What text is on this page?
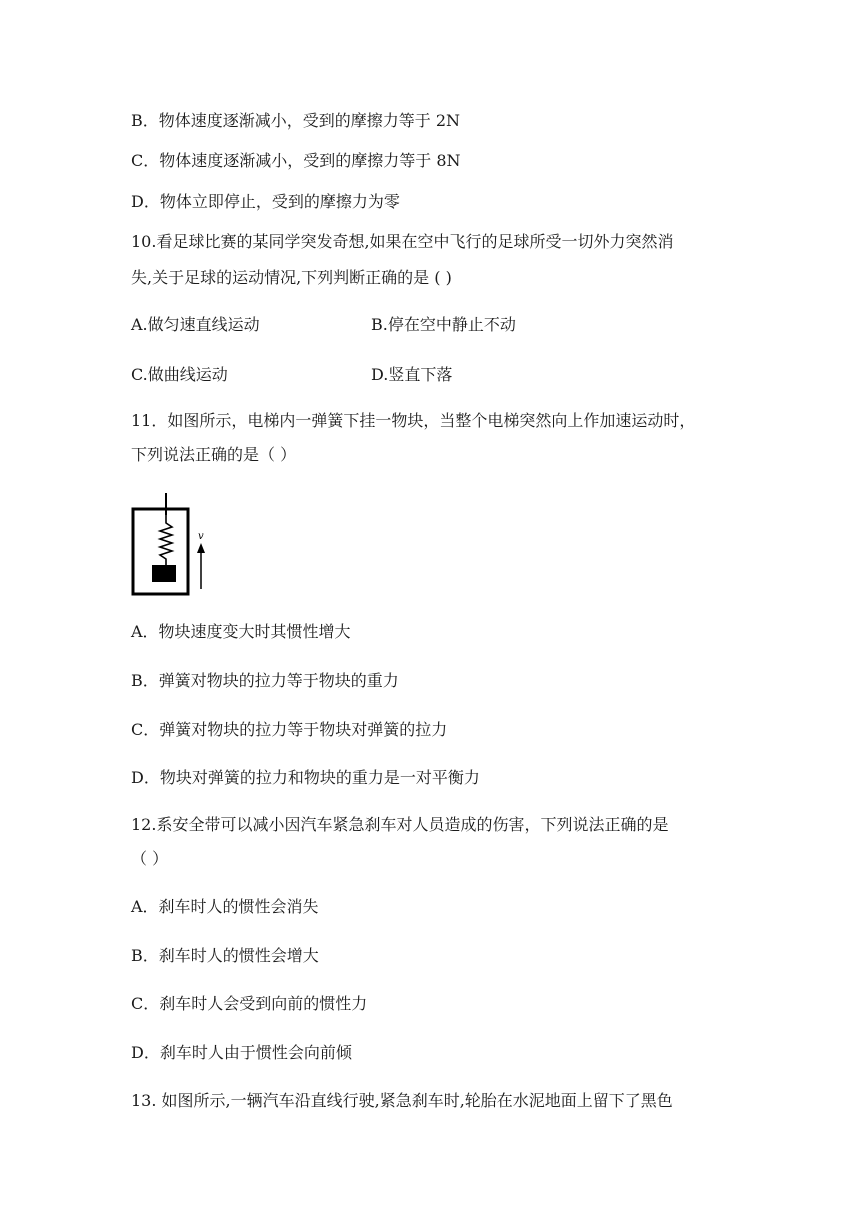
B．物体速度逐渐减小，受到的摩擦力等于 2N
C．物体速度逐渐减小，受到的摩擦力等于 8N
D．物体立即停止，受到的摩擦力为零
10.看足球比赛的某同学突发奇想,如果在空中飞行的足球所受一切外力突然消
失,关于足球的运动情况,下列判断正确的是 ( )
A.做匀速直线运动	B.停在空中静止不动
C.做曲线运动	D.竖直下落
11．如图所示，电梯内一弹簧下挂一物块，当整个电梯突然向上作加速运动时，
下列说法正确的是（ ）
v
A．物块速度变大时其惯性增大
B．弹簧对物块的拉力等于物块的重力
C．弹簧对物块的拉力等于物块对弹簧的拉力
D．物块对弹簧的拉力和物块的重力是一对平衡力
12.系安全带可以减小因汽车紧急刹车对人员造成的伤害，下列说法正确的是
（ ）
A．刹车时人的惯性会消失
B．刹车时人的惯性会增大
C．刹车时人会受到向前的惯性力
D．刹车时人由于惯性会向前倾
13. 如图所示,一辆汽车沿直线行驶,紧急刹车时,轮胎在水泥地面上留下了黑色
